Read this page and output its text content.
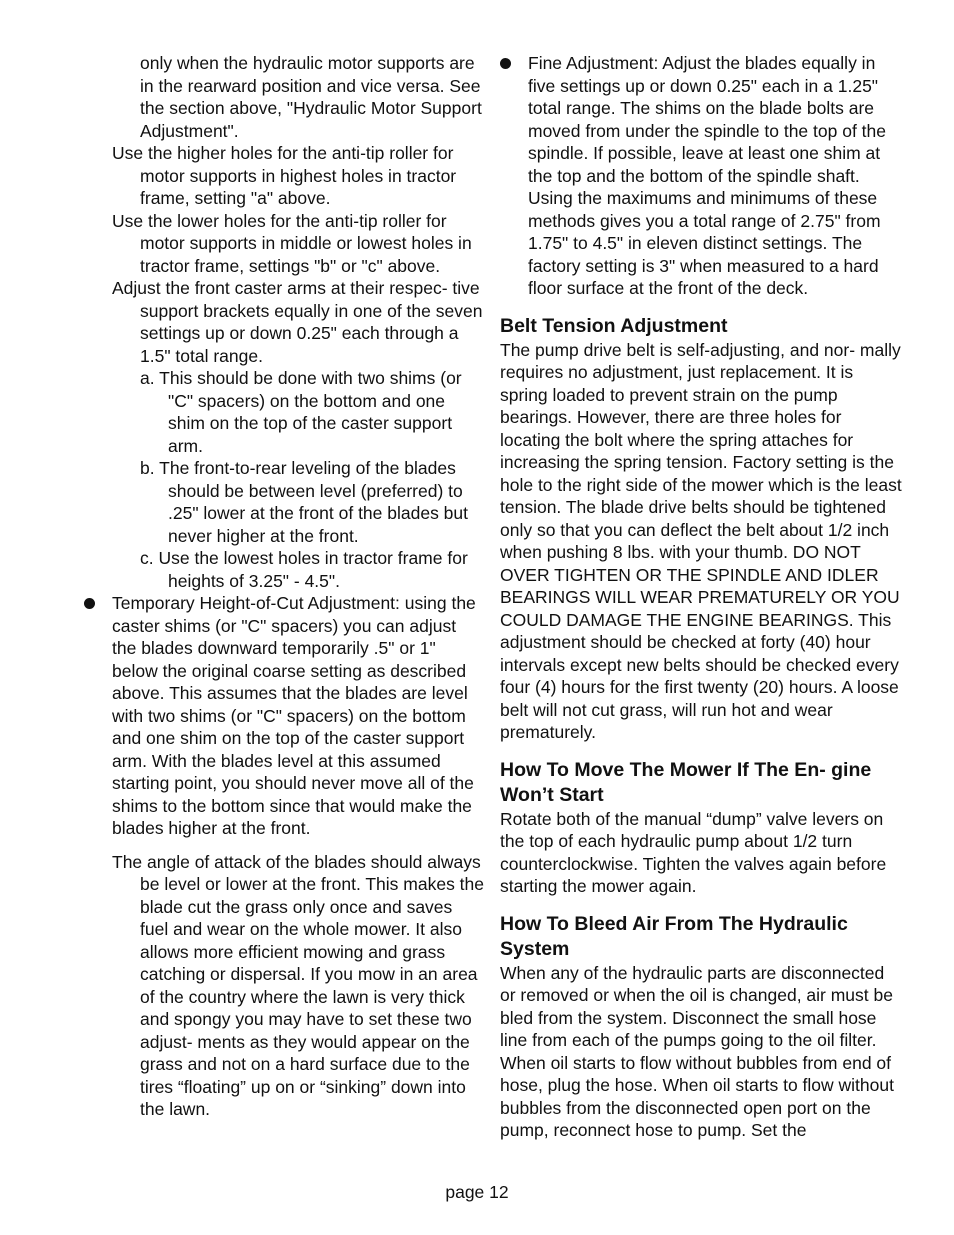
only when the hydraulic motor supports are in the rearward position and vice versa. See the section above, "Hydraulic Motor Support Adjustment".

Use the higher holes for the anti-tip roller for motor supports in highest holes in tractor frame, setting "a" above.

Use the lower holes for the anti-tip roller for motor supports in middle or lowest holes in tractor frame, settings "b" or "c" above.

Adjust the front caster arms at their respec- tive support brackets equally in one of the seven settings up or down 0.25" each through a 1.5" total range.

a. This should be done with two shims (or "C" spacers) on the bottom and one shim on the top of the caster support arm.

b. The front-to-rear leveling of the blades should be between level (preferred) to .25" lower at the front of the blades but never higher at the front.

c. Use the lowest holes in tractor frame for heights of 3.25" - 4.5".

Temporary Height-of-Cut Adjustment: using the caster shims (or "C" spacers) you can adjust the blades downward temporarily .5" or 1" below the original coarse setting as described above. This assumes that the blades are level with two shims (or "C" spacers) on the bottom and one shim on the top of the caster support arm. With the blades level at this assumed starting point, you should never move all of the shims to the bottom since that would make the blades higher at the front.

The angle of attack of the blades should always be level or lower at the front. This makes the blade cut the grass only once and saves fuel and wear on the whole mower. It also allows more efficient mowing and grass catching or dispersal. If you mow in an area of the country where the lawn is very thick and spongy you may have to set these two adjust- ments as they would appear on the grass and not on a hard surface due to the tires “floating” up on or “sinking” down into the lawn.

Fine Adjustment: Adjust the blades equally in five settings up or down 0.25" each in a 1.25" total range. The shims on the blade bolts are moved from under the spindle to the top of the spindle. If possible, leave at least one shim at the top and the bottom of the spindle shaft. Using the maximums and minimums of these methods gives you a total range of 2.75" from 1.75" to 4.5" in eleven distinct settings. The factory setting is 3" when measured to a hard floor surface at the front of the deck.

Belt Tension Adjustment

The pump drive belt is self-adjusting, and nor- mally requires no adjustment, just replacement. It is spring loaded to prevent strain on the pump bearings. However, there are three holes for locating the bolt where the spring attaches for increasing the spring tension. Factory setting is the hole to the right side of the mower which is the least tension. The blade drive belts should be tightened only so that you can deflect the belt about 1/2 inch when pushing 8 lbs. with your thumb. DO NOT OVER TIGHTEN OR THE SPINDLE AND IDLER BEARINGS WILL WEAR PREMATURELY OR YOU COULD DAMAGE THE ENGINE BEARINGS. This adjustment should be checked at forty (40) hour intervals except new belts should be checked every four (4) hours for the first twenty (20) hours. A loose belt will not cut grass, will run hot and wear prematurely.

How To Move The Mower If The En- gine Won’t Start

Rotate both of the manual “dump” valve levers on the top of each hydraulic pump about 1/2 turn counterclockwise. Tighten the valves again before starting the mower again.

How To Bleed Air From The Hydraulic System

When any of the hydraulic parts are disconnected or removed or when the oil is changed, air must be bled from the system. Disconnect the small hose line from each of the pumps going to the oil filter. When oil starts to flow without bubbles from end of hose, plug the hose. When oil starts to flow without bubbles from the disconnected open port on the pump, reconnect hose to pump. Set the

page 12
